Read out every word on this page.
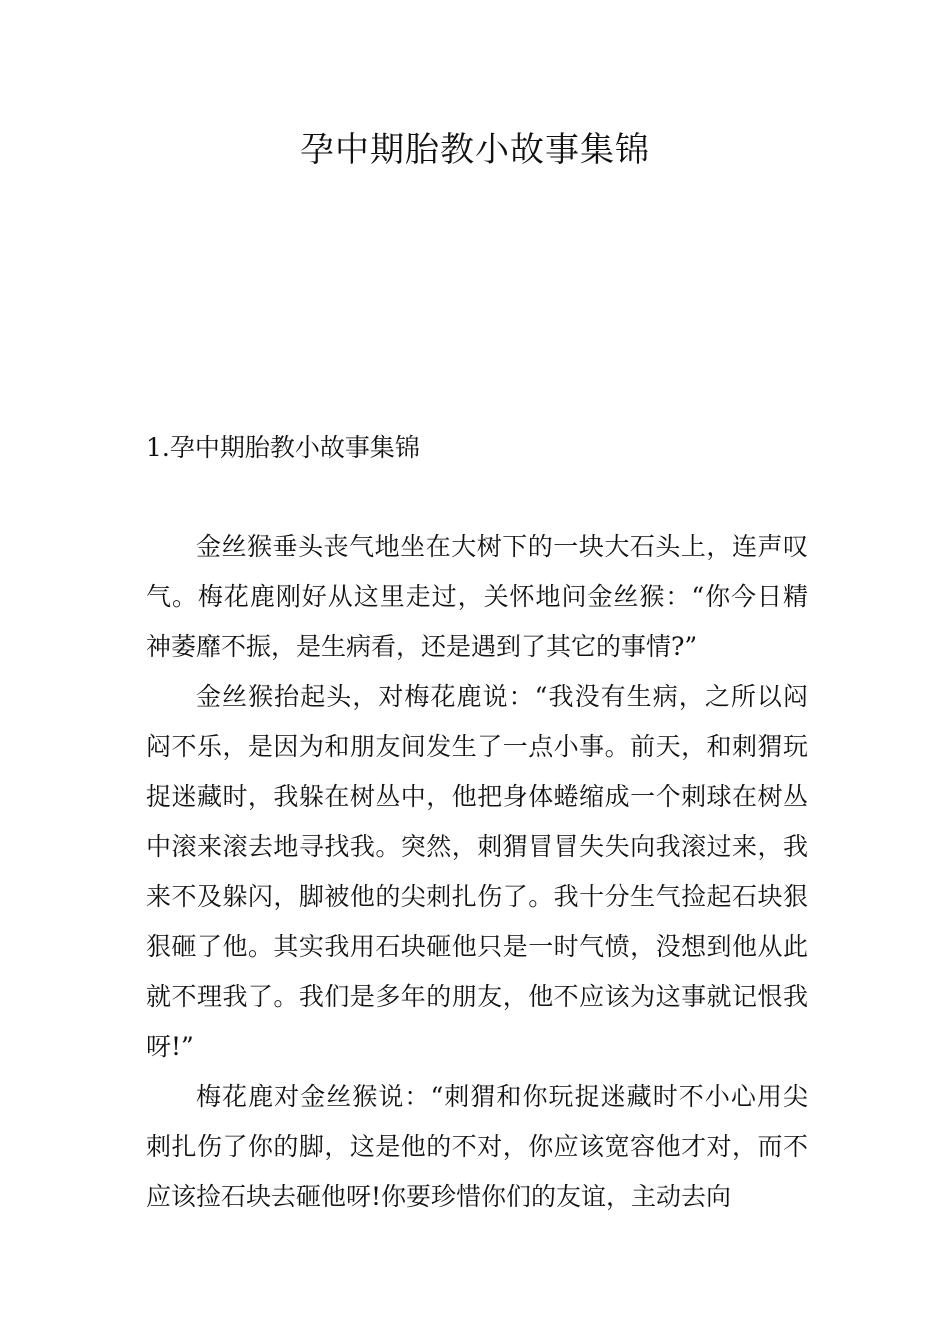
孕中期胎教小故事集锦
1.孕中期胎教小故事集锦

金丝猴垂头丧气地坐在大树下的一块大石头上，连声叹气。梅花鹿刚好从这里走过，关怀地问金丝猴：“你今日精神萎靡不振，是生病看，还是遇到了其它的事情?”

金丝猴抬起头，对梅花鹿说：“我没有生病，之所以闷闷不乐，是因为和朋友间发生了一点小事。前天，和刺猬玩捉迷藏时，我躲在树丛中，他把身体蜷缩成一个刺球在树丛中滚来滚去地寻找我。突然，刺猬冒冒失失向我滚过来，我来不及躲闪，脚被他的尖刺扎伤了。我十分生气捡起石块狠狠砸了他。其实我用石块砸他只是一时气愤，没想到他从此就不理我了。我们是多年的朋友，他不应该为这事就记恨我呀!”

梅花鹿对金丝猴说：“刺猬和你玩捉迷藏时不小心用尖刺扎伤了你的脚，这是他的不对，你应该宽容他才对，而不应该捡石块去砸他呀!你要珍惜你们的友谊，主动去向
